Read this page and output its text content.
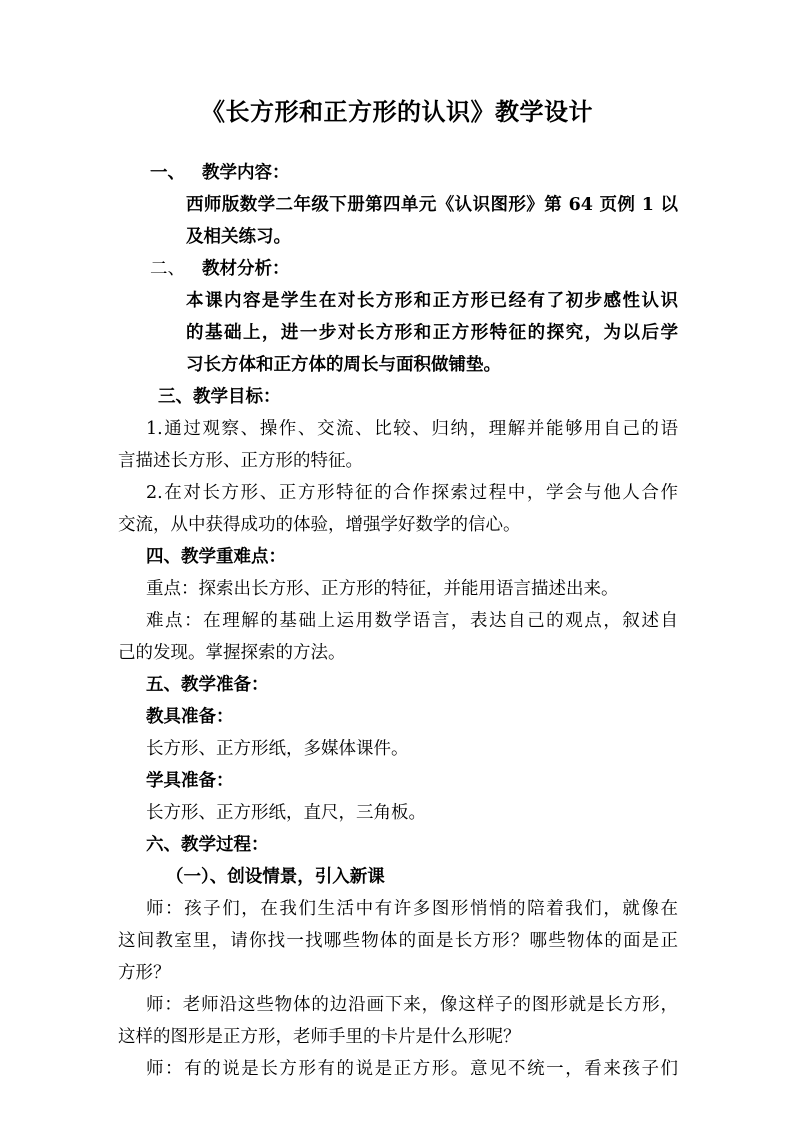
《长方形和正方形的认识》教学设计
一、 教学内容：
西师版数学二年级下册第四单元《认识图形》第 64 页例 1 以
及相关练习。
二、 教材分析：
本课内容是学生在对长方形和正方形已经有了初步感性认识
的基础上，进一步对长方形和正方形特征的探究，为以后学
习长方体和正方体的周长与面积做铺垫。
三、教学目标：
1.通过观察、操作、交流、比较、归纳，理解并能够用自己的语
言描述长方形、正方形的特征。
2.在对长方形、正方形特征的合作探索过程中，学会与他人合作
交流，从中获得成功的体验，增强学好数学的信心。
四、教学重难点：
重点：探索出长方形、正方形的特征，并能用语言描述出来。
难点：在理解的基础上运用数学语言，表达自己的观点，叙述自
己的发现。掌握探索的方法。
五、教学准备：
教具准备：
长方形、正方形纸，多媒体课件。
学具准备：
长方形、正方形纸，直尺，三角板。
六、教学过程：
（一）、创设情景，引入新课
师：孩子们，在我们生活中有许多图形悄悄的陪着我们，就像在
这间教室里，请你找一找哪些物体的面是长方形？哪些物体的面是正
方形？
师：老师沿这些物体的边沿画下来，像这样子的图形就是长方形，
这样的图形是正方形，老师手里的卡片是什么形呢？
师：有的说是长方形有的说是正方形。意见不统一，看来孩子们
